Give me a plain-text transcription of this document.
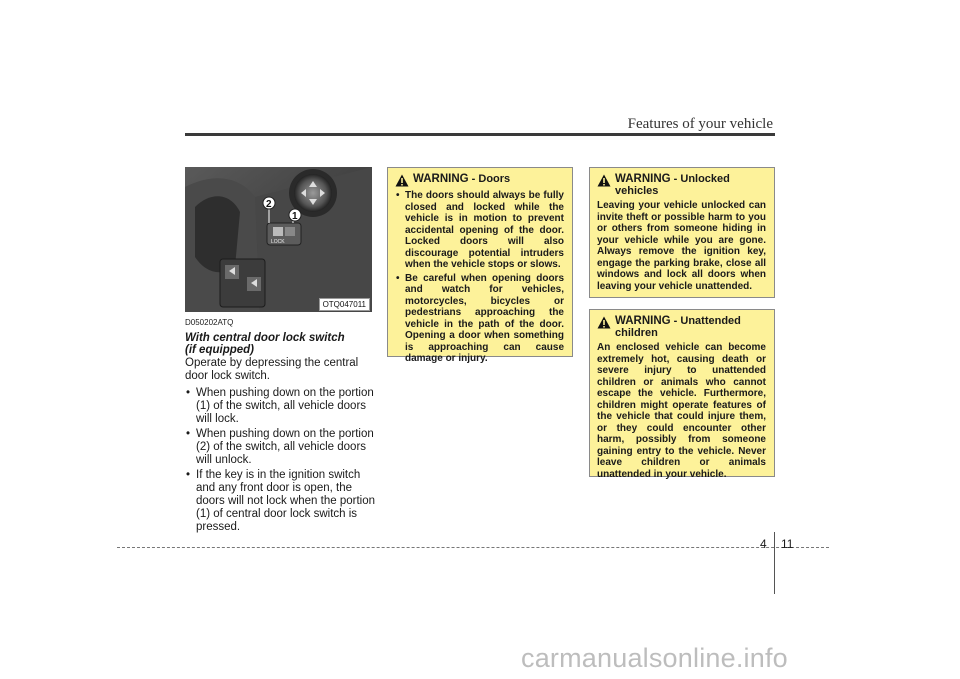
Features of your vehicle
LOCK
2
1
OTQ047011
D050202ATQ
With central door lock switch
(if equipped)
Operate by depressing the central door lock switch.
• When pushing down on the portion (1) of the switch, all vehicle doors will lock.
• When pushing down on the portion (2) of the switch, all vehicle doors will unlock.
• If the key is in the ignition switch and any front door is open, the doors will not lock when the portion (1) of central door lock switch is pressed.
WARNING - Doors
• The doors should always be fully closed and locked while the vehicle is in motion to prevent accidental opening of the door. Locked doors will also discourage potential intruders when the vehicle stops or slows.
• Be careful when opening doors and watch for vehicles, motorcycles, bicycles or pedestrians approaching the vehicle in the path of the door. Opening a door when something is approaching can cause damage or injury.
WARNING - Unlocked vehicles
Leaving your vehicle unlocked can invite theft or possible harm to you or others from someone hiding in your vehicle while you are gone. Always remove the ignition key, engage the parking brake, close all windows and lock all doors when leaving your vehicle unattended.
WARNING - Unattended children
An enclosed vehicle can become extremely hot, causing death or severe injury to unattended children or animals who cannot escape the vehicle. Furthermore, children might operate features of the vehicle that could injure them, or they could encounter other harm, possibly from someone gaining entry to the vehicle. Never leave children or animals unattended in your vehicle.
4 11
carmanualsonline.info
